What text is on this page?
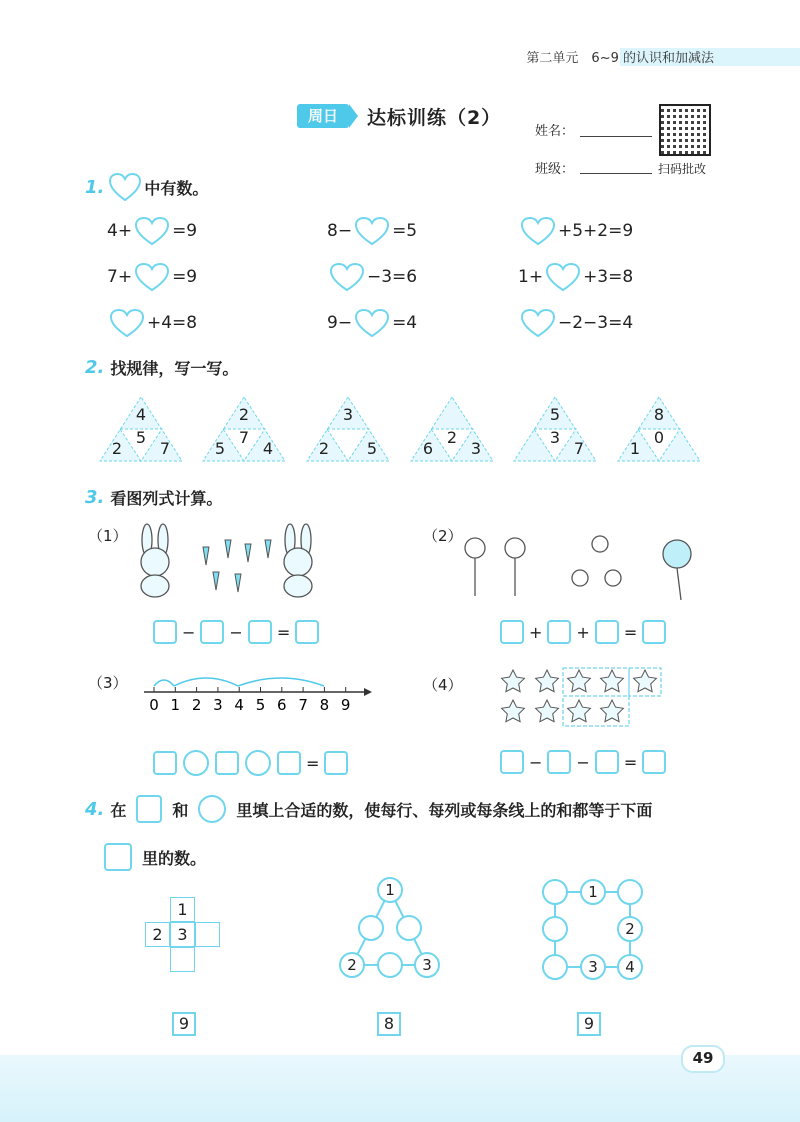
第二单元　6~9 的认识和加减法
周日	达标训练（2）
姓名：
班级：	扫码批改
1.	中有数。
4+ =9	8− =5	+5+2=9
7+ =9	−3=6	1+ +3=8
+4=8	9− =4	−2−3=4
2. 找规律，写一写。
4
5
2	7
2
7
5	4
3
2	5
2
6	3
5
3
7
8
0
1
3. 看图列式计算。
（1）
− − =
（2）
+ + =
（3）
0 1 2 3 4 5 6 7 8 9
=
（4）
− − =
4. 在	和	里填上合适的数，使每行、每列或每条线上的和都等于下面
里的数。
1
2 3
9
1
2	3
8
1
2
3	4
9
49
